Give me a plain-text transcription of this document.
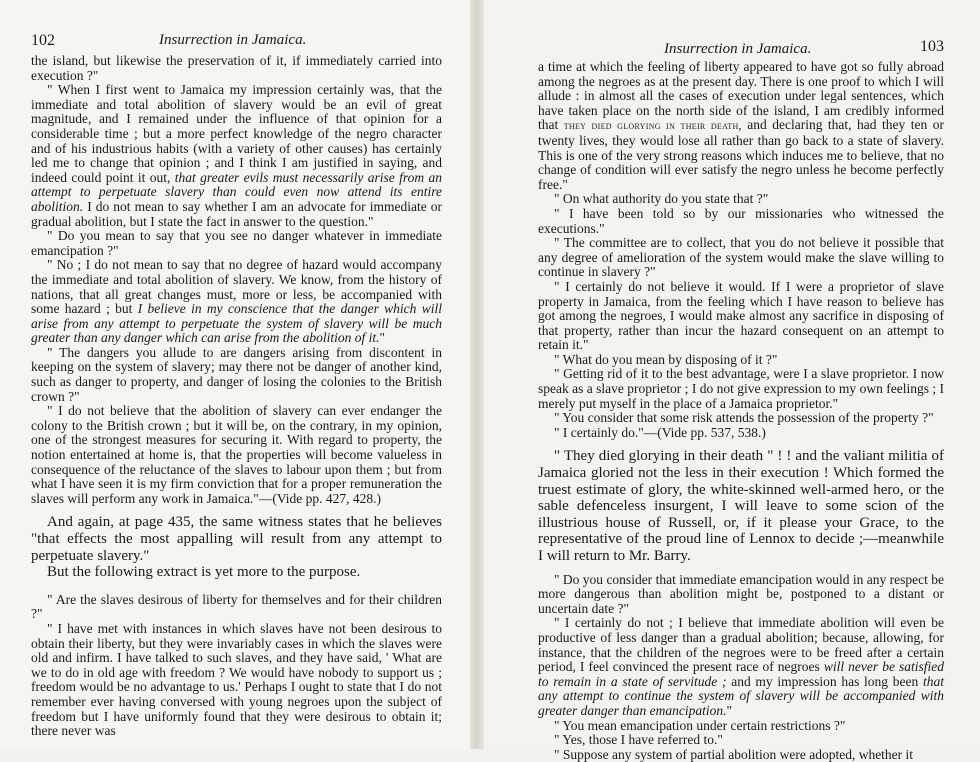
102	Insurrection in Jamaica.

the island, but likewise the preservation of it, if immediately carried into execution ?"

" When I first went to Jamaica my impression certainly was, that the immediate and total abolition of slavery would be an evil of great magnitude, and I remained under the influence of that opinion for a considerable time ; but a more perfect knowledge of the negro character and of his industrious habits (with a variety of other causes) has certainly led me to change that opinion ; and I think I am justified in saying, and indeed could point it out, that greater evils must necessarily arise from an attempt to perpetuate slavery than could even now attend its entire abolition. I do not mean to say whether I am an advocate for immediate or gradual abolition, but I state the fact in answer to the question."

" Do you mean to say that you see no danger whatever in immediate emancipation ?"

" No ; I do not mean to say that no degree of hazard would accompany the immediate and total abolition of slavery. We know, from the history of nations, that all great changes must, more or less, be accompanied with some hazard ; but I believe in my conscience that the danger which will arise from any attempt to perpetuate the system of slavery will be much greater than any danger which can arise from the abolition of it."

" The dangers you allude to are dangers arising from discontent in keeping on the system of slavery; may there not be danger of another kind, such as danger to property, and danger of losing the colonies to the British crown ?"

" I do not believe that the abolition of slavery can ever endanger the colony to the British crown ; but it will be, on the contrary, in my opinion, one of the strongest measures for securing it. With regard to property, the notion entertained at home is, that the properties will become valueless in consequence of the reluctance of the slaves to labour upon them ; but from what I have seen it is my firm conviction that for a proper remuneration the slaves will perform any work in Jamaica."—(Vide pp. 427, 428.)

And again, at page 435, the same witness states that he believes "that effects the most appalling will result from any attempt to perpetuate slavery."

But the following extract is yet more to the purpose.

" Are the slaves desirous of liberty for themselves and for their children ?"

" I have met with instances in which slaves have not been desirous to obtain their liberty, but they were invariably cases in which the slaves were old and infirm. I have talked to such slaves, and they have said, ' What are we to do in old age with freedom ? We would have nobody to support us ; freedom would be no advantage to us.' Perhaps I ought to state that I do not remember ever having conversed with young negroes upon the subject of freedom but I have uniformly found that they were desirous to obtain it; there never was

Insurrection in Jamaica.	103

a time at which the feeling of liberty appeared to have got so fully abroad among the negroes as at the present day. There is one proof to which I will allude : in almost all the cases of execution under legal sentences, which have taken place on the north side of the island, I am credibly informed that they died glorying in their death, and declaring that, had they ten or twenty lives, they would lose all rather than go back to a state of slavery. This is one of the very strong reasons which induces me to believe, that no change of condition will ever satisfy the negro unless he become perfectly free."

" On what authority do you state that ?"

" I have been told so by our missionaries who witnessed the executions."

" The committee are to collect, that you do not believe it possible that any degree of amelioration of the system would make the slave willing to continue in slavery ?"

" I certainly do not believe it would. If I were a proprietor of slave property in Jamaica, from the feeling which I have reason to believe has got among the negroes, I would make almost any sacrifice in disposing of that property, rather than incur the hazard consequent on an attempt to retain it."

" What do you mean by disposing of it ?"

" Getting rid of it to the best advantage, were I a slave proprietor. I now speak as a slave proprietor ; I do not give expression to my own feelings ; I merely put myself in the place of a Jamaica proprietor."

" You consider that some risk attends the possession of the property ?"

" I certainly do."—(Vide pp. 537, 538.)

" They died glorying in their death " ! ! and the valiant militia of Jamaica gloried not the less in their execution ! Which formed the truest estimate of glory, the white-skinned well-armed hero, or the sable defenceless insurgent, I will leave to some scion of the illustrious house of Russell, or, if it please your Grace, to the representative of the proud line of Lennox to decide ;—meanwhile I will return to Mr. Barry.

" Do you consider that immediate emancipation would in any respect be more dangerous than abolition might be, postponed to a distant or uncertain date ?"

" I certainly do not ; I believe that immediate abolition will even be productive of less danger than a gradual abolition; because, allowing, for instance, that the children of the negroes were to be freed after a certain period, I feel convinced the present race of negroes will never be satisfied to remain in a state of servitude ; and my impression has long been that any attempt to continue the system of slavery will be accompanied with greater danger than emancipation."

" You mean emancipation under certain restrictions ?"

" Yes, those I have referred to."

" Suppose any system of partial abolition were adopted, whether it
